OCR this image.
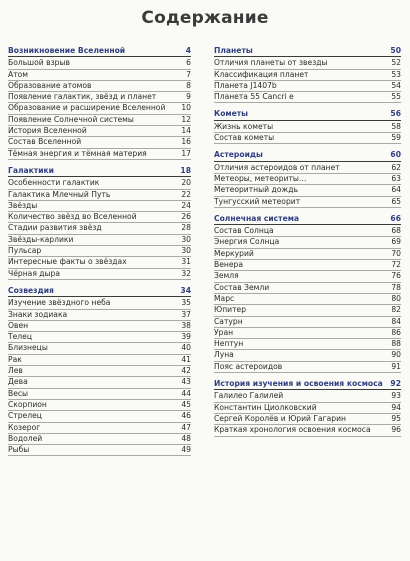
Содержание
Возникновение Вселенной	4
Большой взрыв	6
Атом	7
Образование атомов	8
Появление галактик, звёзд и планет	9
Образование и расширение Вселенной 10
Появление Солнечной системы	12
История Вселенной	14
Состав Вселенной	16
Тёмная энергия и тёмная материя	17
Галактики	18
Особенности галактик	20
Галактика Млечный Путь	22
Звёзды	24
Количество звёзд во Вселенной	26
Стадии развития звёзд	28
Звёзды-карлики	30
Пульсар	30
Интересные факты о звёздах	31
Чёрная дыра	32
Созвездия	34
Изучение звёздного неба	35
Знаки зодиака	37
Овен	38
Телец	39
Близнецы	40
Рак	41
Лев	42
Дева	43
Весы	44
Скорпион	45
Стрелец	46
Козерог	47
Водолей	48
Рыбы	49
Планеты	50
Отличия планеты от звезды	52
Классификация планет	53
Планета J1407b	54
Планета 55 Cancri e	55
Кометы	56
Жизнь кометы	58
Состав кометы	59
Астероиды	60
Отличия астероидов от планет	62
Метеоры, метеориты…	63
Метеоритный дождь	64
Тунгусский метеорит	65
Солнечная система	66
Состав Солнца	68
Энергия Солнца	69
Меркурий	70
Венера	72
Земля	76
Состав Земли	78
Марс	80
Юпитер	82
Сатурн	84
Уран	86
Нептун	88
Луна	90
Пояс астероидов	91
История изучения и освоения космоса 92
Галилео Галилей	93
Константин Циолковский	94
Сергей Королёв и Юрий Гагарин	95
Краткая хронология освоения космоса	96
